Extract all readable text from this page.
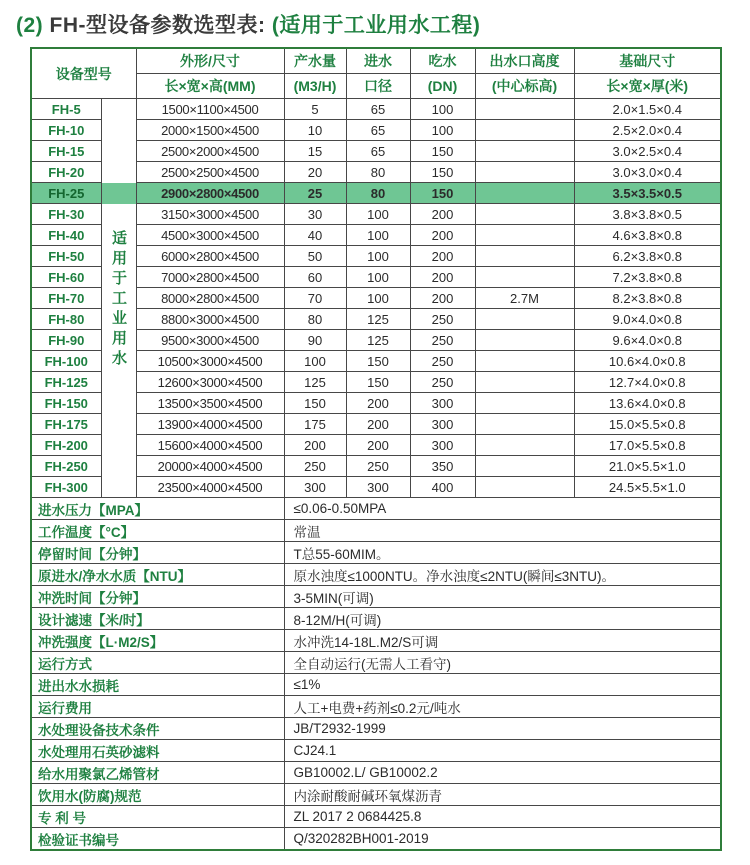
(2) FH-型设备参数选型表: (适用于工业用水工程)
设备型号		外形/尺寸	产水量	进水	吃水	出水口高度	基础尺寸
		长×宽×高(MM)	(M3/H)	口径	(DN)	(中心标高)	长×宽×厚(米)
FH-5		1500×1100×4500	5	65	100		2.0×1.5×0.4
FH-10		2000×1500×4500	10	65	100		2.5×2.0×0.4
FH-15		2500×2000×4500	15	65	150		3.0×2.5×0.4
FH-20		2500×2500×4500	20	80	150		3.0×3.0×0.4
FH-25		2900×2800×4500	25	80	150		3.5×3.5×0.5
FH-30		3150×3000×4500	30	100	200		3.8×3.8×0.5
FH-40		4500×3000×4500	40	100	200		4.6×3.8×0.8
FH-50		6000×2800×4500	50	100	200		6.2×3.8×0.8
FH-60		7000×2800×4500	60	100	200		7.2×3.8×0.8
FH-70		8000×2800×4500	70	100	200	2.7M	8.2×3.8×0.8
FH-80		8800×3000×4500	80	125	250		9.0×4.0×0.8
FH-90		9500×3000×4500	90	125	250		9.6×4.0×0.8
FH-100		10500×3000×4500	100	150	250		10.6×4.0×0.8
FH-125		12600×3000×4500	125	150	250		12.7×4.0×0.8
FH-150		13500×3500×4500	150	200	300		13.6×4.0×0.8
FH-175		13900×4000×4500	175	200	300		15.0×5.5×0.8
FH-200		15600×4000×4500	200	200	300		17.0×5.5×0.8
FH-250		20000×4000×4500	250	250	350		21.0×5.5×1.0
FH-300		23500×4000×4500	300	300	400		24.5×5.5×1.0
进水压力【MPA】			≤0.06-0.50MPA				
工作温度【°C】			常温				
停留时间【分钟】			T总55-60MIM。				
原进水/净水水质【NTU】			原水浊度≤1000NTU。净水浊度≤2NTU(瞬间≤3NTU)。				
冲洗时间【分钟】			3-5MIN(可调)				
设计滤速【米/时】			8-12M/H(可调)				
冲洗强度【L·M2/S】			水冲洗14-18L.M2/S可调				
运行方式			全自动运行(无需人工看守)				
进出水水损耗			≤1%				
运行费用			人工+电费+药剂≤0.2元/吨水				
水处理设备技术条件			JB/T2932-1999				
水处理用石英砂滤料			CJ24.1				
给水用聚氯乙烯管材			GB10002.L/ GB10002.2				
饮用水(防腐)规范			内涂耐酸耐碱环氧煤沥青				
专 利 号			ZL 2017 2 0684425.8				
检验证书编号			Q/320282BH001-2019				
适用于工业用水
